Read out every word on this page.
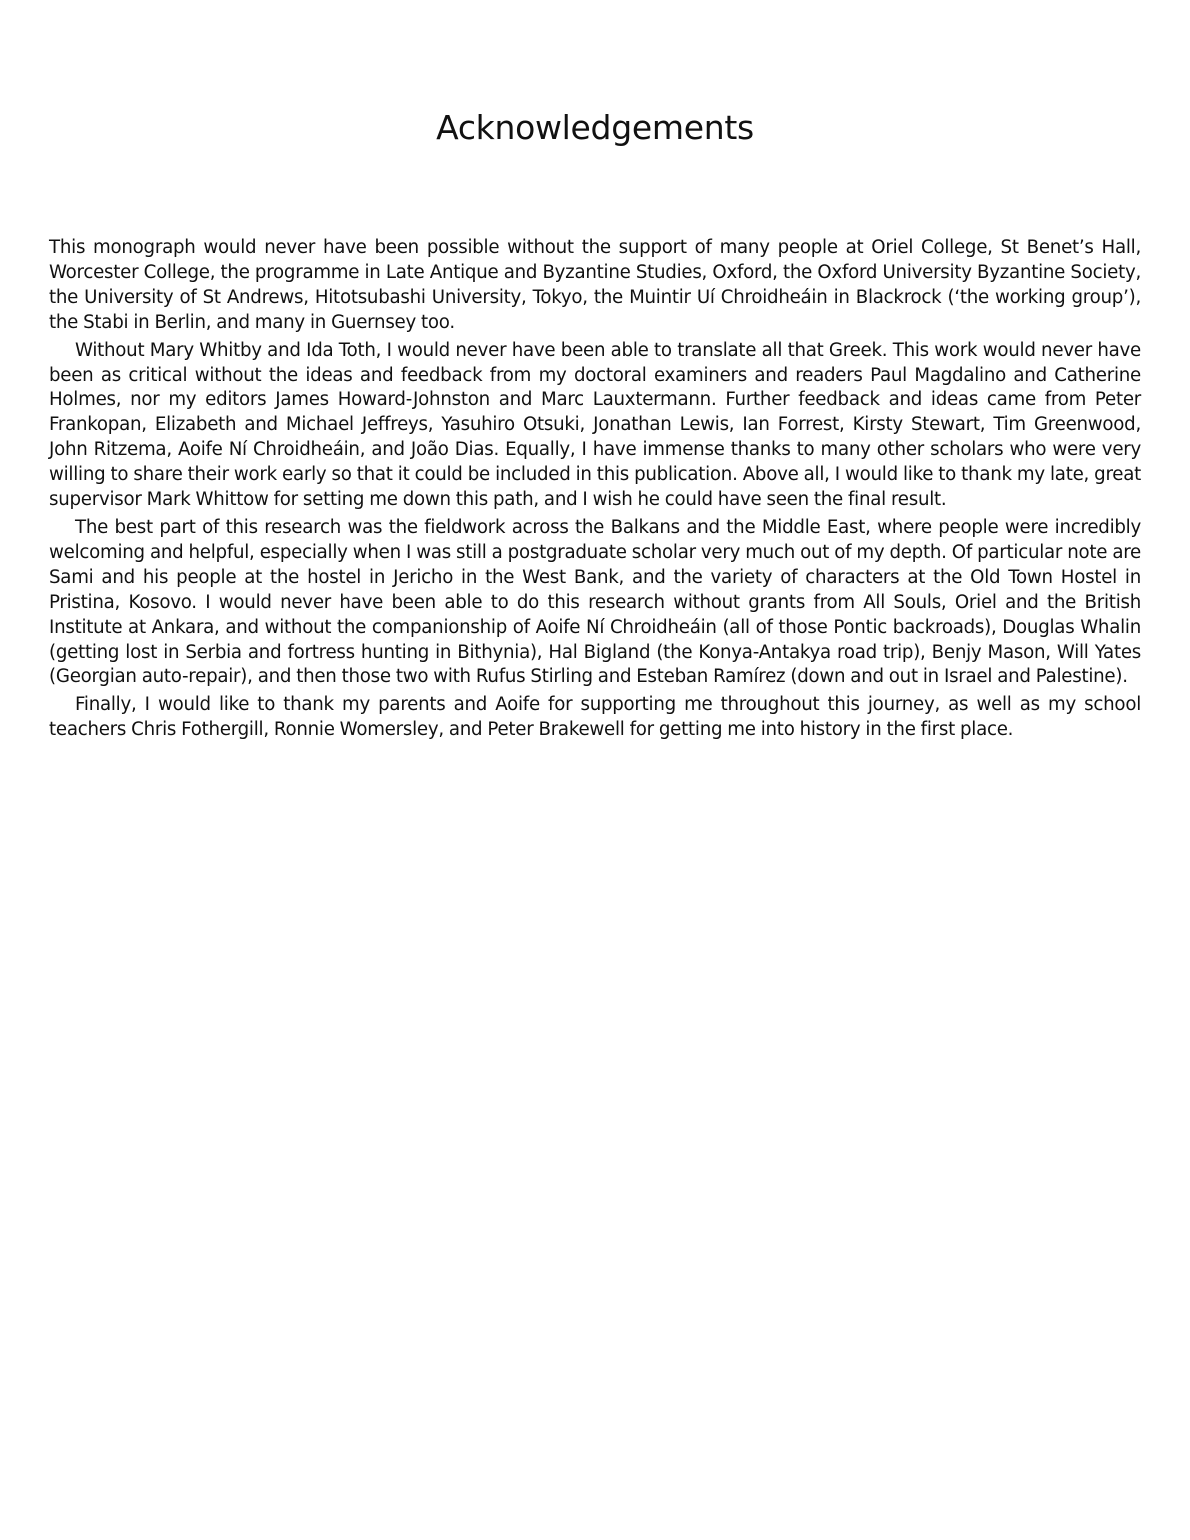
Acknowledgements

This monograph would never have been possible without the support of many people at Oriel College, St Benet’s Hall, Worcester College, the programme in Late Antique and Byzantine Studies, Oxford, the Oxford University Byzantine Society, the University of St Andrews, Hitotsubashi University, Tokyo, the Muintir Uí Chroidheáin in Blackrock (‘the working group’), the Stabi in Berlin, and many in Guernsey too.

Without Mary Whitby and Ida Toth, I would never have been able to translate all that Greek. This work would never have been as critical without the ideas and feedback from my doctoral examiners and readers Paul Magdalino and Catherine Holmes, nor my editors James Howard-Johnston and Marc Lauxtermann. Further feedback and ideas came from Peter Frankopan, Elizabeth and Michael Jeffreys, Yasuhiro Otsuki, Jonathan Lewis, Ian Forrest, Kirsty Stewart, Tim Greenwood, John Ritzema, Aoife Ní Chroidheáin, and João Dias. Equally, I have immense thanks to many other scholars who were very willing to share their work early so that it could be included in this publication. Above all, I would like to thank my late, great supervisor Mark Whittow for setting me down this path, and I wish he could have seen the final result.

The best part of this research was the fieldwork across the Balkans and the Middle East, where people were incredibly welcoming and helpful, especially when I was still a postgraduate scholar very much out of my depth. Of particular note are Sami and his people at the hostel in Jericho in the West Bank, and the variety of characters at the Old Town Hostel in Pristina, Kosovo. I would never have been able to do this research without grants from All Souls, Oriel and the British Institute at Ankara, and without the companionship of Aoife Ní Chroidheáin (all of those Pontic backroads), Douglas Whalin (getting lost in Serbia and fortress hunting in Bithynia), Hal Bigland (the Konya-Antakya road trip), Benjy Mason, Will Yates (Georgian auto-repair), and then those two with Rufus Stirling and Esteban Ramírez (down and out in Israel and Palestine).

Finally, I would like to thank my parents and Aoife for supporting me throughout this journey, as well as my school teachers Chris Fothergill, Ronnie Womersley, and Peter Brakewell for getting me into history in the first place.
